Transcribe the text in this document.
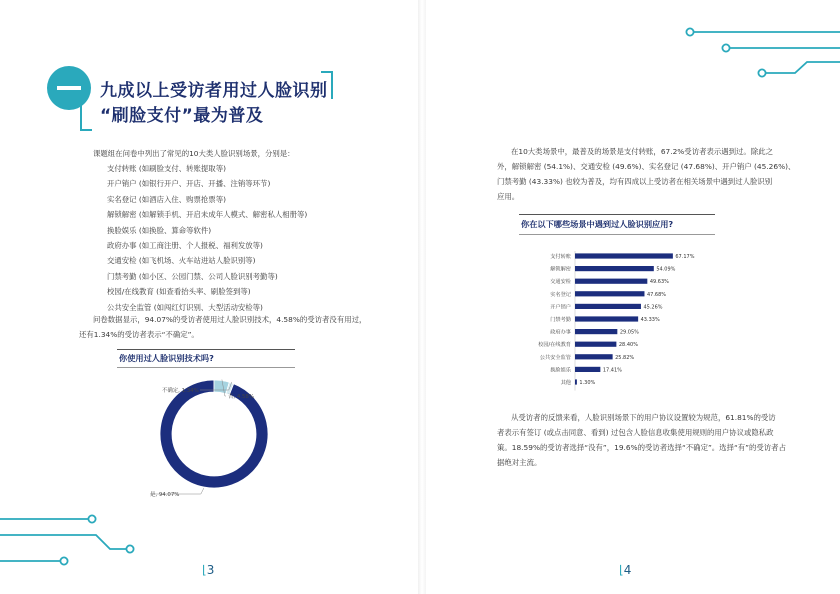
九成以上受访者用过人脸识别
“刷脸支付”最为普及
课题组在问卷中列出了常见的10大类人脸识别场景，分别是：
支付转账 (如刷脸支付、转账提取等)
开户销户 (如银行开户、开店、开播、注销等环节)
实名登记 (如酒店入住、购票抢票等)
解锁解密 (如解锁手机、开启未成年人模式、解密私人相册等)
换脸娱乐 (如换脸、算命等软件)
政府办事 (如工商注册、个人报税、福利发放等)
交通安检 (如飞机场、火车站进站人脸识别等)
门禁考勤 (如小区、公园门禁、公司人脸识别考勤等)
校园/在线教育 (如查看抬头率、刷脸签到等)
公共安全监管 (如闯红灯识别、大型活动安检等)
问卷数据显示，94.07%的受访者使用过人脸识别技术，4.58%的受访者没有用过，
还有1.34%的受访者表示“不确定”。
你使用过人脸识别技术吗?
是, 94.07%
否, 4.58%
不确定, 1.34%
⌊3
在10大类场景中，最普及的场景是支付转账，67.2%受访者表示遇到过。除此之
外，解锁解密 (54.1%)、交通安检 (49.6%)、实名登记 (47.68%)、开户销户 (45.26%)、
门禁考勤 (43.33%) 也较为普及，均有四成以上受访者在相关场景中遇到过人脸识别
应用。
你在以下哪些场景中遇到过人脸识别应用?
支付转账	67.17%
解锁解密	54.09%
交通安检	49.63%
实名登记	47.68%
开户销户	45.26%
门禁考勤	43.33%
政府办事	29.05%
校园/在线教育	28.40%
公共安全监管	25.82%
换脸娱乐	17.41%
其他 1.30%
从受访者的反馈来看，人脸识别场景下的用户协议设置较为规范，61.81%的受访
者表示有签订 (或点击同意、看到) 过包含人脸信息收集使用规则的用户协议或隐私政
策。18.59%的受访者选择“没有”，19.6%的受访者选择“不确定”。选择“有”的受访者占
据绝对主流。
⌊4
